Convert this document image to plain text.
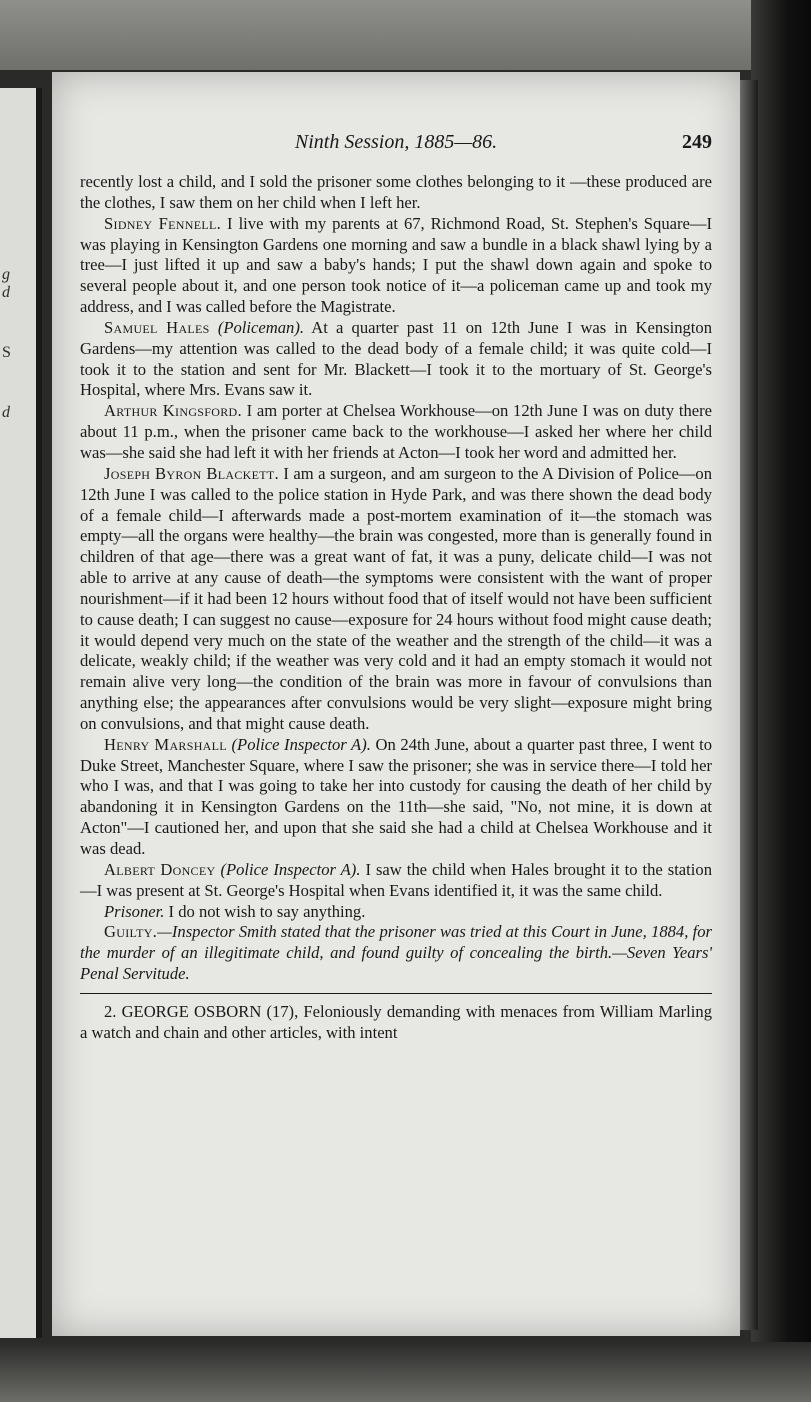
g
d
S
d
Ninth Session, 1885—86.	249

recently lost a child, and I sold the prisoner some clothes belonging to it —these produced are the clothes, I saw them on her child when I left her.

Sidney Fennell. I live with my parents at 67, Richmond Road, St. Stephen's Square—I was playing in Kensington Gardens one morning and saw a bundle in a black shawl lying by a tree—I just lifted it up and saw a baby's hands; I put the shawl down again and spoke to several people about it, and one person took notice of it—a policeman came up and took my address, and I was called before the Magistrate.

Samuel Hales (Policeman). At a quarter past 11 on 12th June I was in Kensington Gardens—my attention was called to the dead body of a female child; it was quite cold—I took it to the station and sent for Mr. Blackett—I took it to the mortuary of St. George's Hospital, where Mrs. Evans saw it.

Arthur Kingsford. I am porter at Chelsea Workhouse—on 12th June I was on duty there about 11 p.m., when the prisoner came back to the workhouse—I asked her where her child was—she said she had left it with her friends at Acton—I took her word and admitted her.

Joseph Byron Blackett. I am a surgeon, and am surgeon to the A Division of Police—on 12th June I was called to the police station in Hyde Park, and was there shown the dead body of a female child—I afterwards made a post-mortem examination of it—the stomach was empty—all the organs were healthy—the brain was congested, more than is generally found in children of that age—there was a great want of fat, it was a puny, delicate child—I was not able to arrive at any cause of death—the symptoms were consistent with the want of proper nourishment—if it had been 12 hours without food that of itself would not have been sufficient to cause death; I can suggest no cause—exposure for 24 hours without food might cause death; it would depend very much on the state of the weather and the strength of the child—it was a delicate, weakly child; if the weather was very cold and it had an empty stomach it would not remain alive very long—the condition of the brain was more in favour of convulsions than anything else; the appearances after convulsions would be very slight—exposure might bring on convulsions, and that might cause death.

Henry Marshall (Police Inspector A). On 24th June, about a quarter past three, I went to Duke Street, Manchester Square, where I saw the prisoner; she was in service there—I told her who I was, and that I was going to take her into custody for causing the death of her child by abandoning it in Kensington Gardens on the 11th—she said, "No, not mine, it is down at Acton"—I cautioned her, and upon that she said she had a child at Chelsea Workhouse and it was dead.

Albert Doncey (Police Inspector A). I saw the child when Hales brought it to the station—I was present at St. George's Hospital when Evans identified it, it was the same child.

Prisoner. I do not wish to say anything.

Guilty.—Inspector Smith stated that the prisoner was tried at this Court in June, 1884, for the murder of an illegitimate child, and found guilty of concealing the birth.—Seven Years' Penal Servitude.

2. GEORGE OSBORN (17), Feloniously demanding with menaces from William Marling a watch and chain and other articles, with intent
